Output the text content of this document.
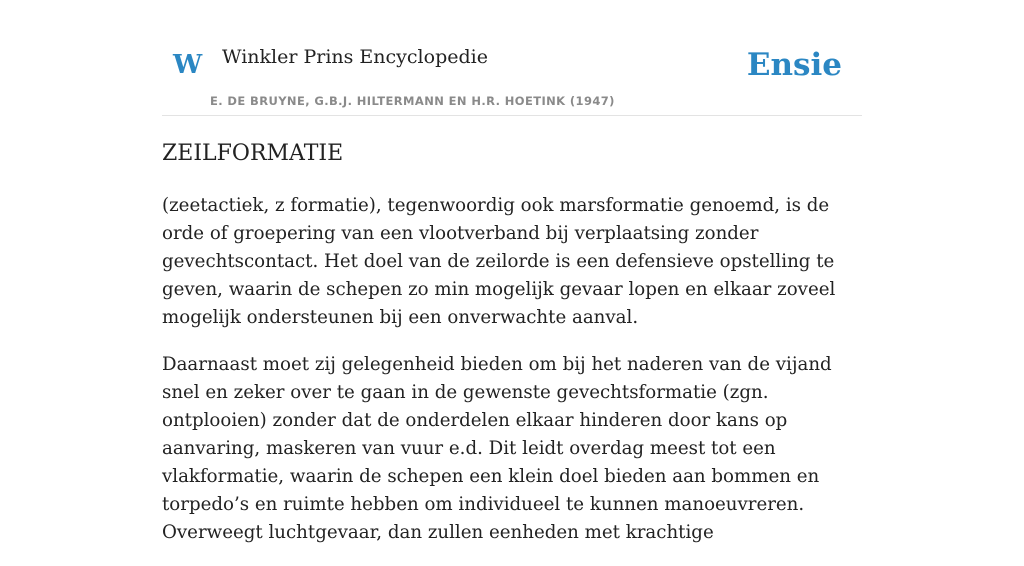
W Winkler Prins Encyclopedie
E. DE BRUYNE, G.B.J. HILTERMANN EN H.R. HOETINK (1947)
Ensie
ZEILFORMATIE

(zeetactiek, z formatie), tegenwoordig ook marsformatie genoemd, is de orde of groepering van een vlootverband bij verplaatsing zonder gevechtscontact. Het doel van de zeilorde is een defensieve opstelling te geven, waarin de schepen zo min mogelijk gevaar lopen en elkaar zoveel mogelijk ondersteunen bij een onverwachte aanval.

Daarnaast moet zij gelegenheid bieden om bij het naderen van de vijand snel en zeker over te gaan in de gewenste gevechtsformatie (zgn. ontplooien) zonder dat de onderdelen elkaar hinderen door kans op aanvaring, maskeren van vuur e.d. Dit leidt overdag meest tot een vlakformatie, waarin de schepen een klein doel bieden aan bommen en torpedo’s en ruimte hebben om individueel te kunnen manoeuvreren. Overweegt luchtgevaar, dan zullen eenheden met krachtige
